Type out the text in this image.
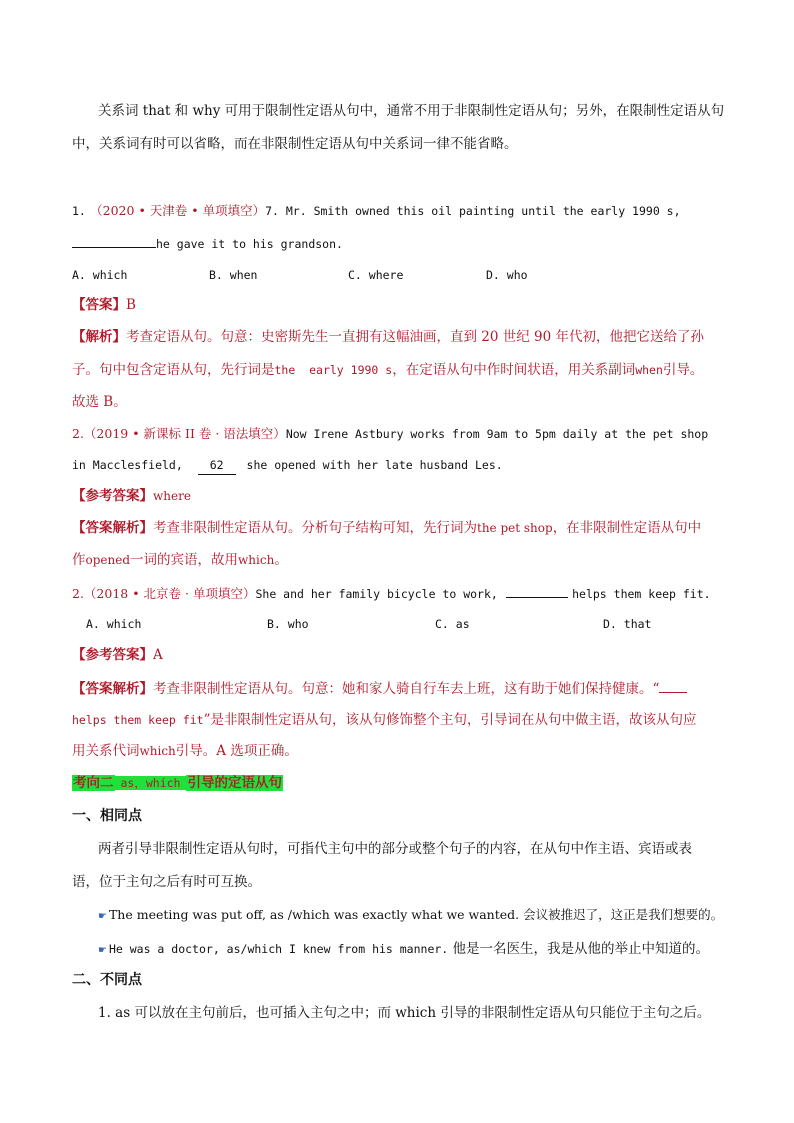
关系词 that 和 why 可用于限制性定语从句中，通常不用于非限制性定语从句；另外，在限制性定语从句
中，关系词有时可以省略，而在非限制性定语从句中关系词一律不能省略。
1. （2020 • 天津卷 • 单项填空）7. Mr. Smith owned this oil painting until the early 1990 s,
he gave it to his grandson.
A. which	B. when	C. where	D. who
【答案】B
【解析】考查定语从句。句意：史密斯先生一直拥有这幅油画，直到 20 世纪 90 年代初，他把它送给了孙
子。句中包含定语从句，先行词是the  early 1990 s，在定语从句中作时间状语，用关系副词when引导。
故选 B。
2.（2019 • 新课标 II 卷 · 语法填空）Now Irene Astbury works from 9am to 5pm daily at the pet shop
in Macclesfield, 62 she opened with her late husband Les.
【参考答案】where
【答案解析】考查非限制性定语从句。分析句子结构可知，先行词为the pet shop，在非限制性定语从句中
作opened一词的宾语，故用which。
2.（2018 • 北京卷 · 单项填空）She and her family bicycle to work,	helps them keep fit.
A. which	B. who	C. as	D. that
【参考答案】A
【答案解析】考查非限制性定语从句。句意：她和家人骑自行车去上班，这有助于她们保持健康。“
helps them keep fit”是非限制性定语从句，该从句修饰整个主句，引导词在从句中做主语，故该从句应
用关系代词which引导。A 选项正确。
考向二 as，which 引导的定语从句
一、相同点
两者引导非限制性定语从句时，可指代主句中的部分或整个句子的内容，在从句中作主语、宾语或表
语，位于主句之后有时可互换。
☛ The meeting was put off, as /which was exactly what we wanted. 会议被推迟了，这正是我们想要的。
☛ He was a doctor, as/which I knew from his manner. 他是一名医生，我是从他的举止中知道的。
二、不同点
1. as 可以放在主句前后，也可插入主句之中；而 which 引导的非限制性定语从句只能位于主句之后。
